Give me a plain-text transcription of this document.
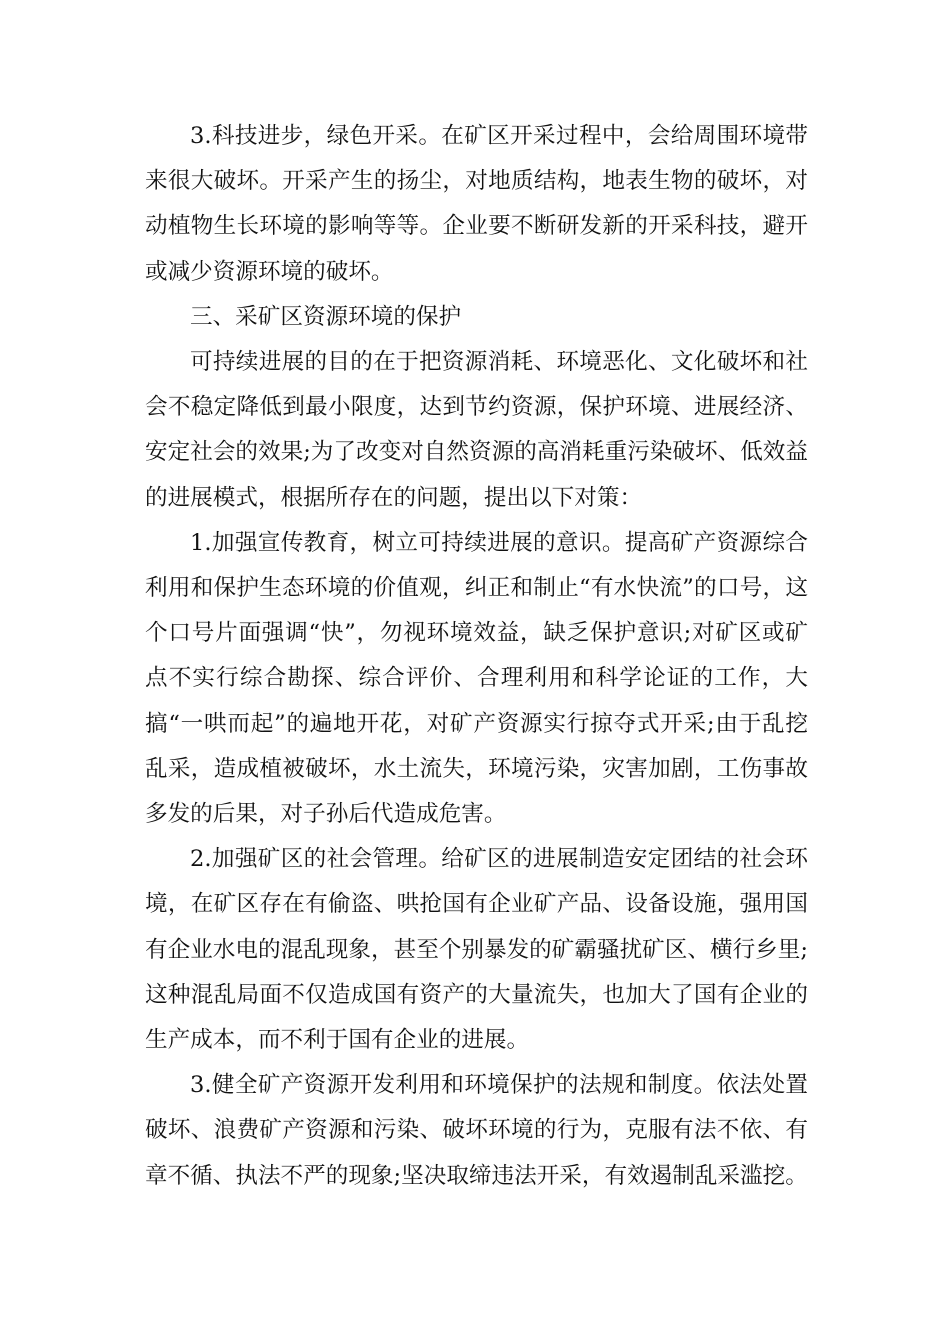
3.科技进步，绿色开采。在矿区开采过程中，会给周围环境带来很大破坏。开采产生的扬尘，对地质结构，地表生物的破坏，对动植物生长环境的影响等等。企业要不断研发新的开采科技，避开或减少资源环境的破坏。

三、采矿区资源环境的保护

可持续进展的目的在于把资源消耗、环境恶化、文化破坏和社会不稳定降低到最小限度，达到节约资源，保护环境、进展经济、安定社会的效果;为了改变对自然资源的高消耗重污染破坏、低效益的进展模式，根据所存在的问题，提出以下对策：

1.加强宣传教育，树立可持续进展的意识。提高矿产资源综合利用和保护生态环境的价值观，纠正和制止“有水快流”的口号，这个口号片面强调“快”，勿视环境效益，缺乏保护意识;对矿区或矿点不实行综合勘探、综合评价、合理利用和科学论证的工作，大搞“一哄而起”的遍地开花，对矿产资源实行掠夺式开采;由于乱挖乱采，造成植被破坏，水土流失，环境污染，灾害加剧，工伤事故多发的后果，对子孙后代造成危害。

2.加强矿区的社会管理。给矿区的进展制造安定团结的社会环境，在矿区存在有偷盗、哄抢国有企业矿产品、设备设施，强用国有企业水电的混乱现象，甚至个别暴发的矿霸骚扰矿区、横行乡里;这种混乱局面不仅造成国有资产的大量流失，也加大了国有企业的生产成本，而不利于国有企业的进展。

3.健全矿产资源开发利用和环境保护的法规和制度。依法处置破坏、浪费矿产资源和污染、破坏环境的行为，克服有法不依、有章不循、执法不严的现象;坚决取缔违法开采，有效遏制乱采滥挖。
